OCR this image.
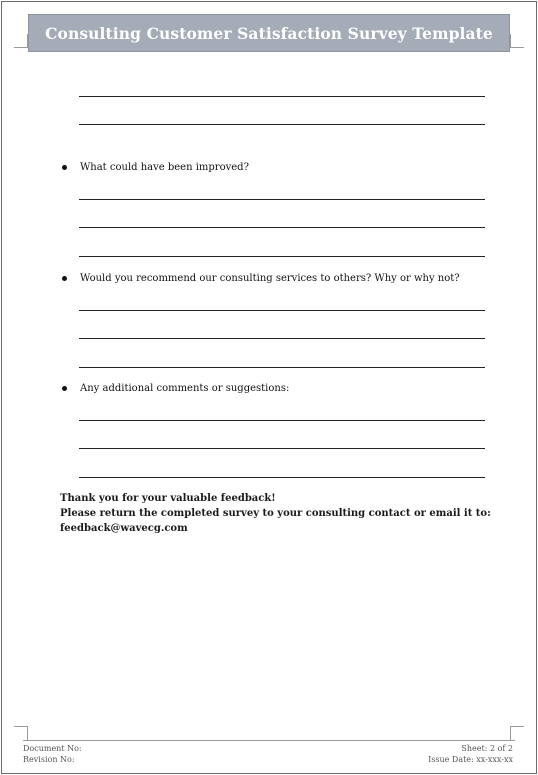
Consulting Customer Satisfaction Survey Template
What could have been improved?
Would you recommend our consulting services to others? Why or why not?
Any additional comments or suggestions:
Thank you for your valuable feedback!
Please return the completed survey to your consulting contact or email it to:
feedback@wavecg.com
Document No:
Revision No:
Sheet: 2 of 2
Issue Date: xx-xxx-xx
